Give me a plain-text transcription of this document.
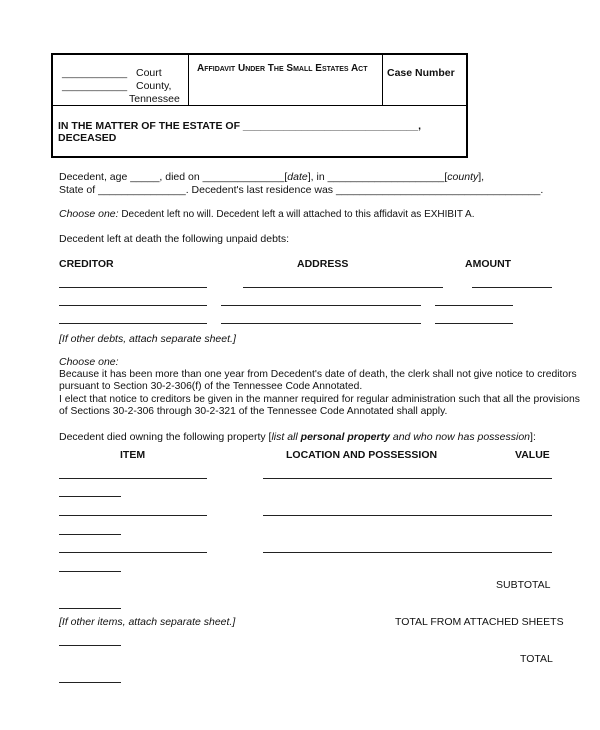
_____________ Court
_____________ County,
Tennessee
Affidavit Under The Small Estates Act Case Number
IN THE MATTER OF THE ESTATE OF ______________________________,
DECEASED
Decedent, age _____, died on ______________[date], in ____________________[county],
State of _______________. Decedent's last residence was ___________________________________.
Choose one: Decedent left no will. Decedent left a will attached to this affidavit as EXHIBIT A.
Decedent left at death the following unpaid debts:
CREDITOR	ADDRESS	AMOUNT
[If other debts, attach separate sheet.]
Choose one:
Because it has been more than one year from Decedent's date of death, the clerk shall not give notice to creditors
pursuant to Section 30-2-306(f) of the Tennessee Code Annotated.
I elect that notice to creditors be given in the manner required for regular administration such that all the provisions
of Sections 30-2-306 through 30-2-321 of the Tennessee Code Annotated shall apply.
Decedent died owning the following property [list all personal property and who now has possession]:
ITEM	LOCATION AND POSSESSION	VALUE
SUBTOTAL
[If other items, attach separate sheet.]	TOTAL FROM ATTACHED SHEETS
TOTAL
